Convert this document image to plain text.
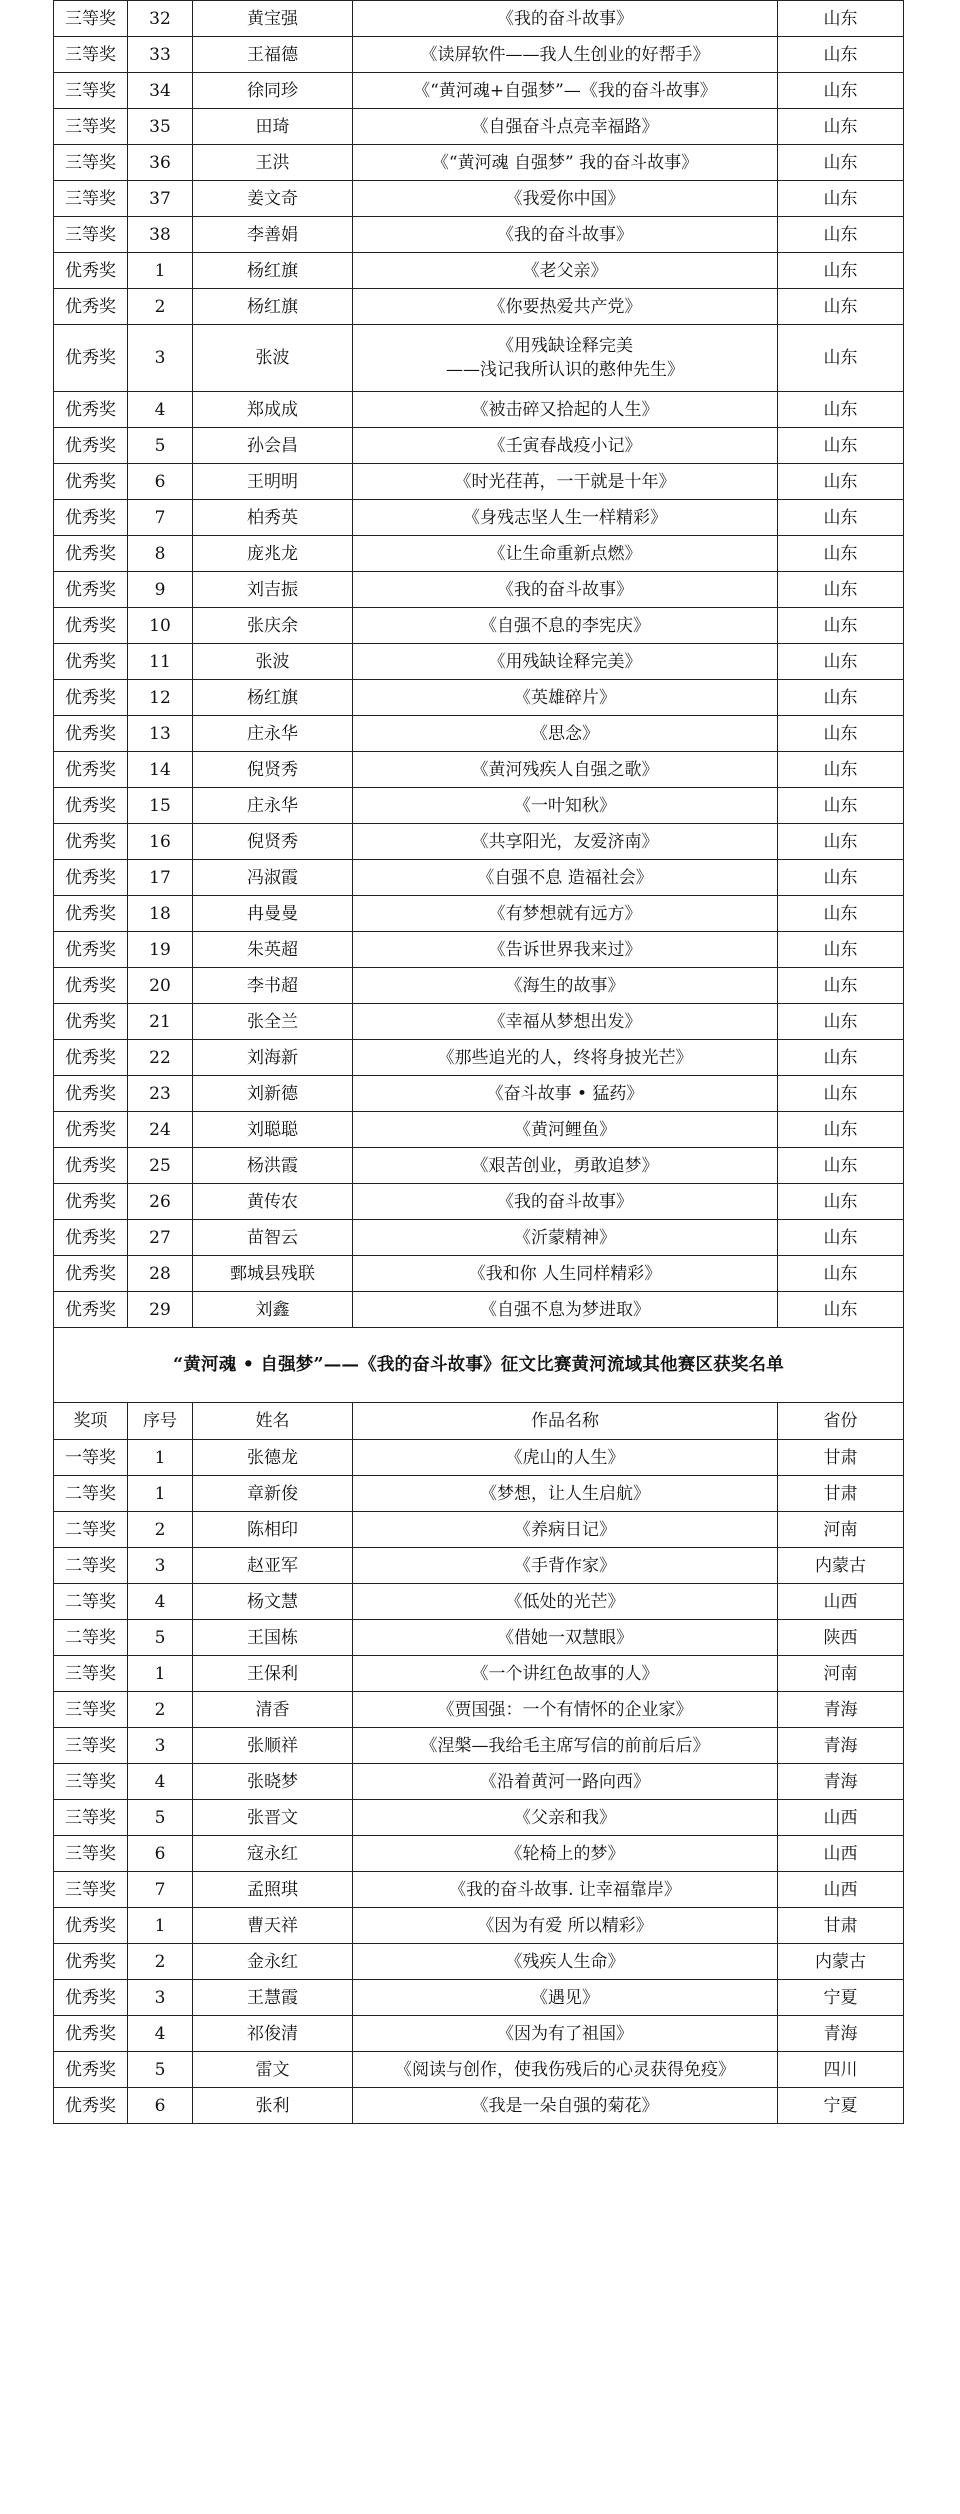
三等奖	32	黄宝强	《我的奋斗故事》	山东
三等奖	33	王福德	《读屏软件——我人生创业的好帮手》	山东
三等奖	34	徐同珍	《“黄河魂+自强梦”—《我的奋斗故事》	山东
三等奖	35	田琦	《自强奋斗点亮幸福路》	山东
三等奖	36	王洪	《“黄河魂 自强梦” 我的奋斗故事》	山东
三等奖	37	姜文奇	《我爱你中国》	山东
三等奖	38	李善娟	《我的奋斗故事》	山东
优秀奖	1	杨红旗	《老父亲》	山东
优秀奖	2	杨红旗	《你要热爱共产党》	山东
优秀奖	3	张波	《用残缺诠释完美
——浅记我所认识的憨仲先生》	山东
优秀奖	4	郑成成	《被击碎又拾起的人生》	山东
优秀奖	5	孙会昌	《壬寅春战疫小记》	山东
优秀奖	6	王明明	《时光荏苒，一干就是十年》	山东
优秀奖	7	柏秀英	《身残志坚人生一样精彩》	山东
优秀奖	8	庞兆龙	《让生命重新点燃》	山东
优秀奖	9	刘吉振	《我的奋斗故事》	山东
优秀奖	10	张庆余	《自强不息的李宪庆》	山东
优秀奖	11	张波	《用残缺诠释完美》	山东
优秀奖	12	杨红旗	《英雄碎片》	山东
优秀奖	13	庄永华	《思念》	山东
优秀奖	14	倪贤秀	《黄河残疾人自强之歌》	山东
优秀奖	15	庄永华	《一叶知秋》	山东
优秀奖	16	倪贤秀	《共享阳光，友爱济南》	山东
优秀奖	17	冯淑霞	《自强不息 造福社会》	山东
优秀奖	18	冉曼曼	《有梦想就有远方》	山东
优秀奖	19	朱英超	《告诉世界我来过》	山东
优秀奖	20	李书超	《海生的故事》	山东
优秀奖	21	张全兰	《幸福从梦想出发》	山东
优秀奖	22	刘海新	《那些追光的人，终将身披光芒》	山东
优秀奖	23	刘新德	《奋斗故事 • 猛药》	山东
优秀奖	24	刘聪聪	《黄河鲤鱼》	山东
优秀奖	25	杨洪霞	《艰苦创业，勇敢追梦》	山东
优秀奖	26	黄传农	《我的奋斗故事》	山东
优秀奖	27	苗智云	《沂蒙精神》	山东
优秀奖	28	鄄城县残联	《我和你 人生同样精彩》	山东
优秀奖	29	刘鑫	《自强不息为梦进取》	山东
“黄河魂 • 自强梦”——《我的奋斗故事》征文比赛黄河流域其他赛区获奖名单				
奖项	序号	姓名	作品名称	省份
一等奖	1	张德龙	《虎山的人生》	甘肃
二等奖	1	章新俊	《梦想，让人生启航》	甘肃
二等奖	2	陈相印	《养病日记》	河南
二等奖	3	赵亚军	《手背作家》	内蒙古
二等奖	4	杨文慧	《低处的光芒》	山西
二等奖	5	王国栋	《借她一双慧眼》	陕西
三等奖	1	王保利	《一个讲红色故事的人》	河南
三等奖	2	清香	《贾国强：一个有情怀的企业家》	青海
三等奖	3	张顺祥	《涅槃—我给毛主席写信的前前后后》	青海
三等奖	4	张晓梦	《沿着黄河一路向西》	青海
三等奖	5	张晋文	《父亲和我》	山西
三等奖	6	寇永红	《轮椅上的梦》	山西
三等奖	7	孟照琪	《我的奋斗故事. 让幸福靠岸》	山西
优秀奖	1	曹天祥	《因为有爱 所以精彩》	甘肃
优秀奖	2	金永红	《残疾人生命》	内蒙古
优秀奖	3	王慧霞	《遇见》	宁夏
优秀奖	4	祁俊清	《因为有了祖国》	青海
优秀奖	5	雷文	《阅读与创作，使我伤残后的心灵获得免疫》	四川
优秀奖	6	张利	《我是一朵自强的菊花》	宁夏
